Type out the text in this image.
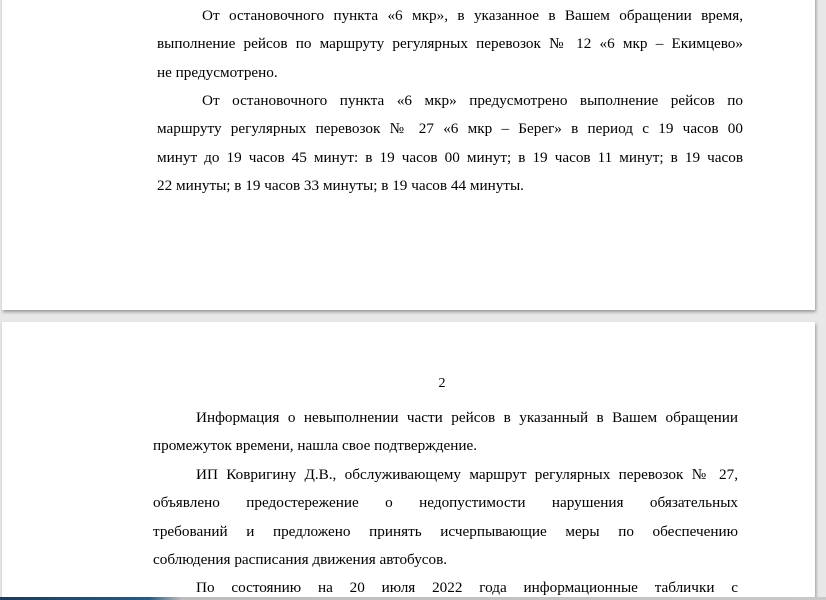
От остановочного пункта «6 мкр», в указанное в Вашем обращении время,
выполнение рейсов по маршруту регулярных перевозок № 12 «6 мкр – Екимцево»
не предусмотрено.
От остановочного пункта «6 мкр» предусмотрено выполнение рейсов по
маршруту регулярных перевозок № 27 «6 мкр – Берег» в период с 19 часов 00
минут до 19 часов 45 минут: в 19 часов 00 минут; в 19 часов 11 минут; в 19 часов
22 минуты; в 19 часов 33 минуты; в 19 часов 44 минуты.
2
Информация о невыполнении части рейсов в указанный в Вашем обращении
промежуток времени, нашла свое подтверждение.
ИП Ковригину Д.В., обслуживающему маршрут регулярных перевозок № 27,
объявлено предостережение о недопустимости нарушения обязательных
требований и предложено принять исчерпывающие меры по обеспечению
соблюдения расписания движения автобусов.
По состоянию на 20 июля 2022 года информационные таблички с
